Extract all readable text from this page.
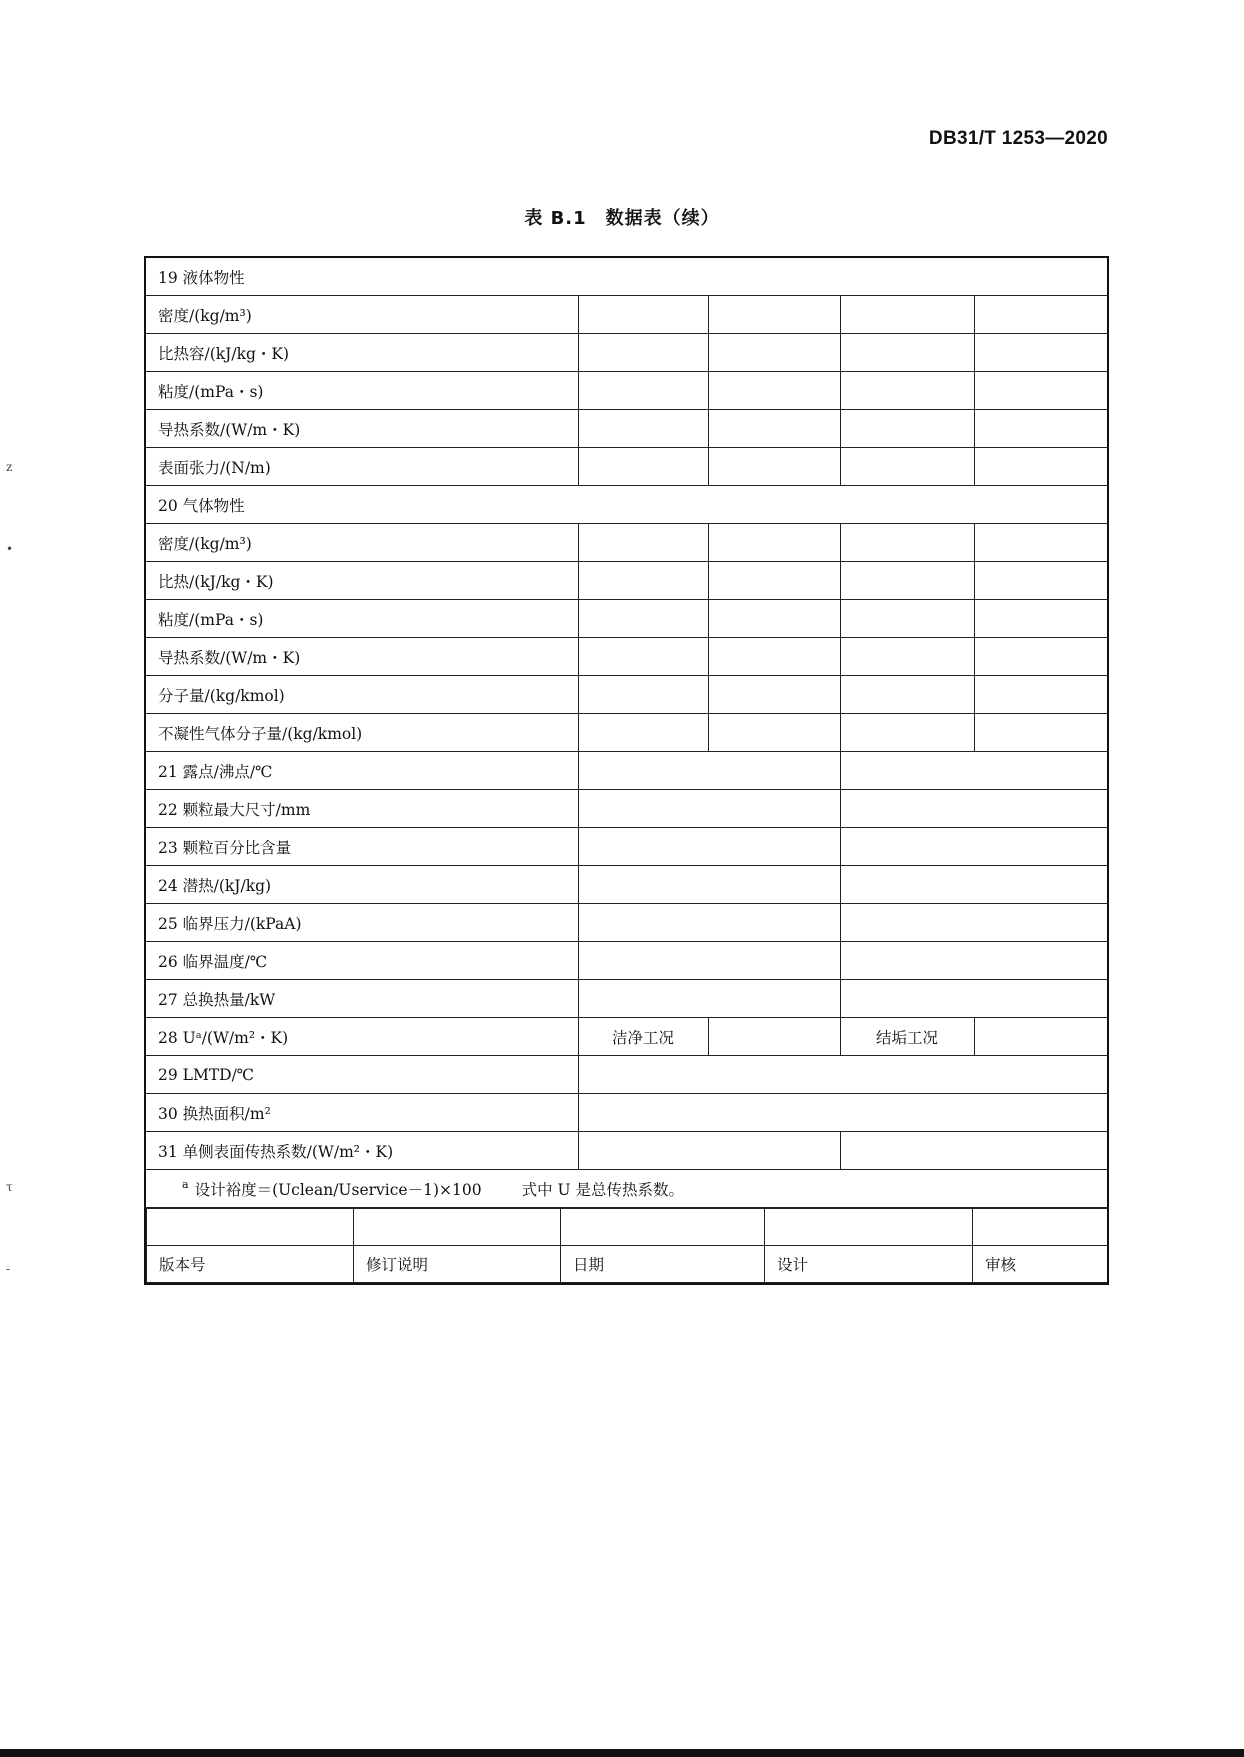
DB31/T 1253—2020
表 B.1　数据表（续）
z
•
τ
-
19 液体物性
密度/(kg/m³)				
比热容/(kJ/kg・K)				
粘度/(mPa・s)				
导热系数/(W/m・K)				
表面张力/(N/m)				
20 气体物性
密度/(kg/m³)				
比热/(kJ/kg・K)				
粘度/(mPa・s)				
导热系数/(W/m・K)				
分子量/(kg/kmol)				
不凝性气体分子量/(kg/kmol)				
21 露点/沸点/℃		
22 颗粒最大尺寸/mm		
23 颗粒百分比含量		
24 潜热/(kJ/kg)		
25 临界压力/(kPaA)		
26 临界温度/℃		
27 总换热量/kW		
28 Uᵃ/(W/m²・K)	洁净工况		结垢工况	
29 LMTD/℃	
30 换热面积/m²	
31 单侧表面传热系数/(W/m²・K)		
$^a$ 设计裕度＝(Uclean/Uservice－1)×100	式中 U 是总传热系数。

版本号	修订说明	日期	设计	审核
